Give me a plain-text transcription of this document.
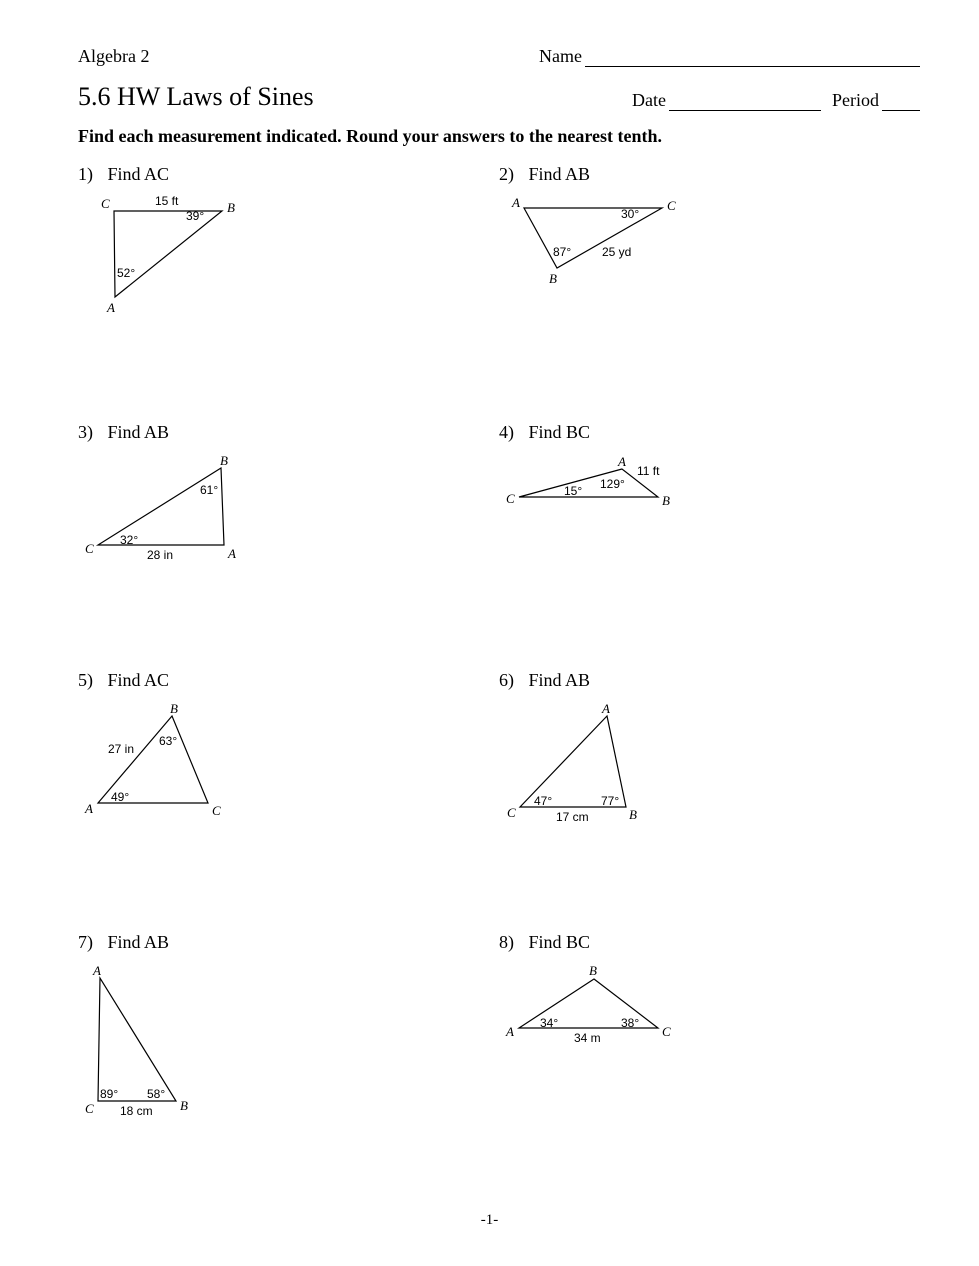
Algebra 2	Name
5.6 HW Laws of Sines	Date	Period
Find each measurement indicated. Round your answers to the nearest tenth.
1) Find AC	2) Find AB
3) Find AB	4) Find BC
5) Find AC	6) Find AB
7) Find AB	8) Find BC
C	B
A
15 ft
39°
52°
A	C
B
30°
87°	25 yd
B
C	A
61°
32°
28 in
A
C	B
11 ft
129°
15°
B
A	C
27 in
63°
49°
A
C	B
47°	77°
17 cm
A
C	B
89° 58°
18 cm
B
A	C
34°	38°
34 m
-1-
